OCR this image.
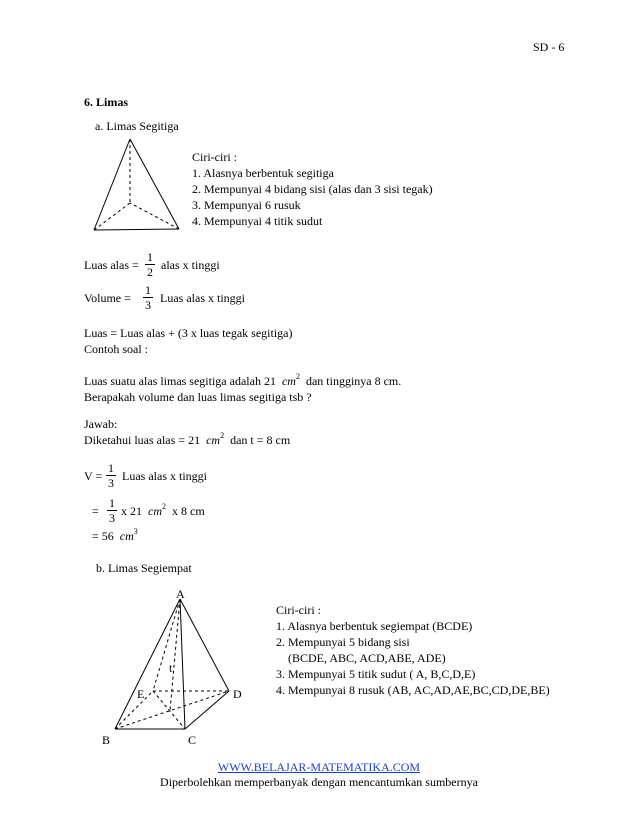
SD - 6
6. Limas
a. Limas Segitiga
Ciri-ciri :
1. Alasnya berbentuk segitiga
2. Mempunyai 4 bidang sisi (alas dan 3 sisi tegak)
3. Mempunyai 6 rusuk
4. Mempunyai 4 titik sudut
Luas alas =
1
2 alas x tinggi
Volume =
1
3 Luas alas x tinggi
Luas = Luas alas + (3 x luas tegak segitiga)
Contoh soal :
Luas suatu alas limas segitiga adalah 21 $cm^2$ dan tingginya 8 cm.
Berapakah volume dan luas limas segitiga tsb ?
Jawab:
Diketahui luas alas = 21 $cm^2$ dan t = 8 cm
V =
1
3 Luas alas x tinggi
=
1
3 x 21 $cm^2$ x 8 cm
= 56 $cm^3$
b. Limas Segiempat
A
E	D
t
B	C
Ciri-ciri :
1. Alasnya berbentuk segiempat (BCDE)
2. Mempunyai 5 bidang sisi
(BCDE, ABC, ACD,ABE, ADE)
3. Mempunyai 5 titik sudut ( A, B,C,D,E)
4. Mempunyai 8 rusuk (AB, AC,AD,AE,BC,CD,DE,BE)
WWW.BELAJAR-MATEMATIKA.COM
Diperbolehkan memperbanyak dengan mencantumkan sumbernya
